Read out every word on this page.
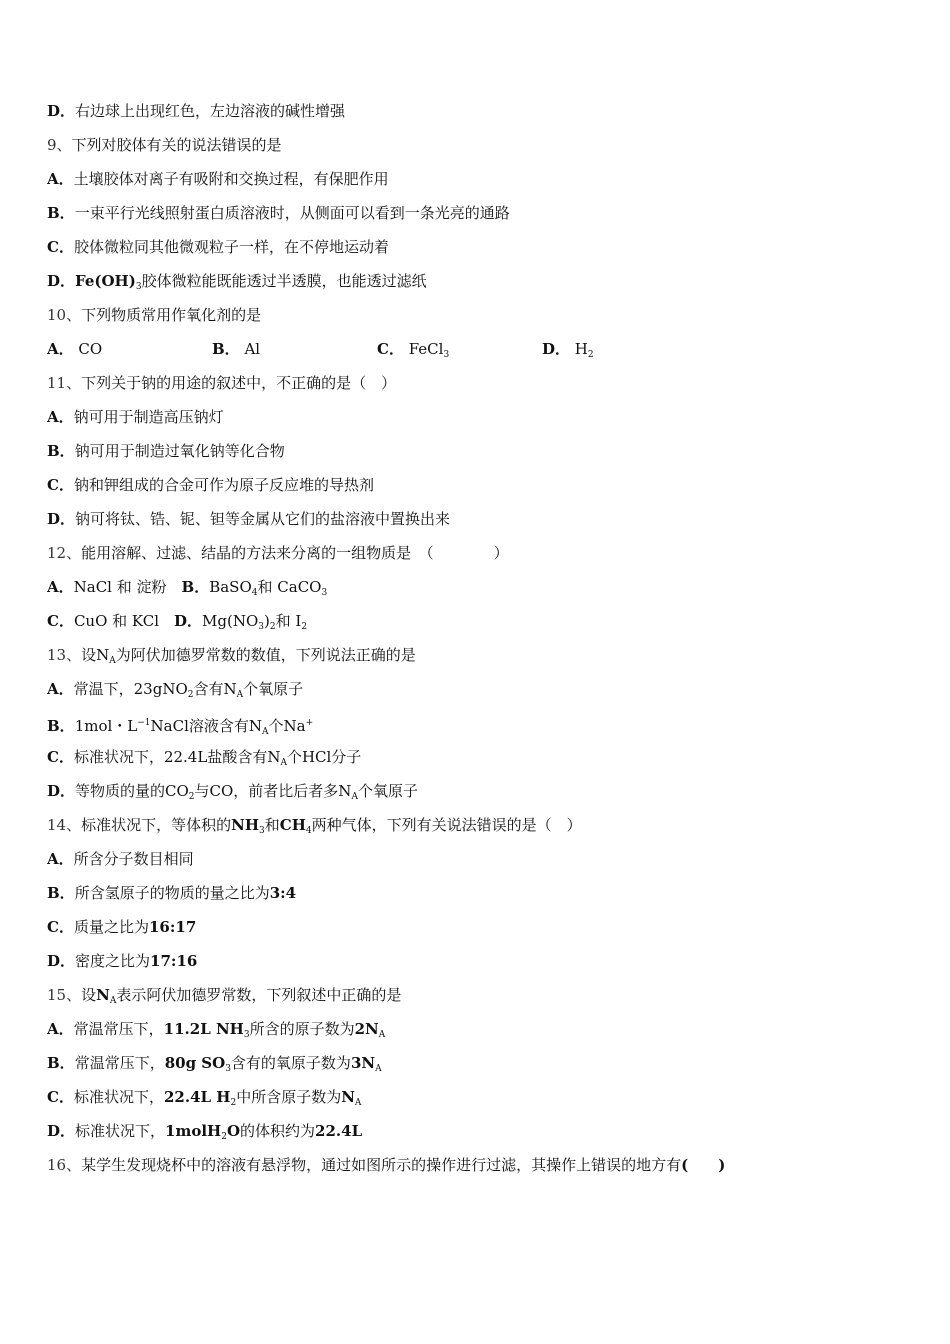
D．右边球上出现红色，左边溶液的碱性增强
9、下列对胶体有关的说法错误的是
A．土壤胶体对离子有吸附和交换过程，有保肥作用
B．一束平行光线照射蛋白质溶液时，从侧面可以看到一条光亮的通路
C．胶体微粒同其他微观粒子一样，在不停地运动着
D．$Fe(OH)_3$胶体微粒能既能透过半透膜，也能透过滤纸
10、下列物质常用作氧化剂的是
A． CO	B． Al	C． FeCl$_3$	D． $H_2$
11、下列关于钠的用途的叙述中，不正确的是（　）
A．钠可用于制造高压钠灯
B．钠可用于制造过氧化钠等化合物
C．钠和钾组成的合金可作为原子反应堆的导热剂
D．钠可将钛、锆、铌、钽等金属从它们的盐溶液中置换出来
12、能用溶解、过滤、结晶的方法来分离的一组物质是　（　　　　）
A．NaCl 和 淀粉　B．BaSO$_4$和 CaCO$_3$
C．CuO 和 KCl　D．$Mg(NO_3)_2$和 $I_2$
13、设$N_A$为阿伏加德罗常数的数值，下列说法正确的是
A．常温下，23gNO$_2$含有$N_A$个氧原子
B．1mol・$L^{-1}NaCl$溶液含有$N_A$个Na+
C．标准状况下，22.4L盐酸含有$N_A$个HCl分子
D．等物质的量的$CO_2$与CO，前者比后者多$N_A$个氧原子
14、标准状况下，等体积的$NH_3$和$CH_4$两种气体，下列有关说法错误的是（　）
A．所含分子数目相同
B．所含氢原子的物质的量之比为3:4
C．质量之比为16:17
D．密度之比为17:16
15、设$N_A$表示阿伏加德罗常数，下列叙述中正确的是
A．常温常压下，11.2L $NH_3$所含的原子数为$2N_A$
B．常温常压下，80g $SO_3$含有的氧原子数为$3N_A$
C．标准状况下，22.4L $H_2$中所含原子数为$N_A$
D．标准状况下，1molH$_2$O的体积约为22.4L
16、某学生发现烧杯中的溶液有悬浮物，通过如图所示的操作进行过滤，其操作上错误的地方有(　　)
